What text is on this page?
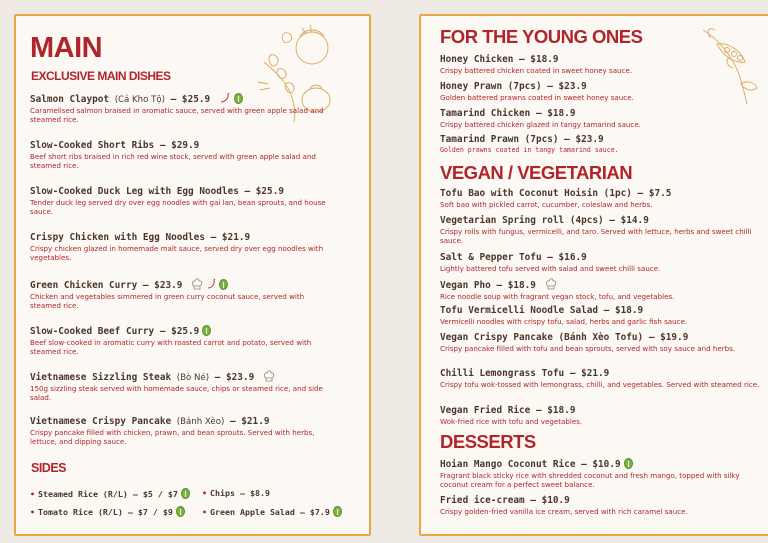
MAIN
EXCLUSIVE MAIN DISHES
Salmon Claypot (Cá Kho Tộ) – $25.9
Caramelised salmon braised in aromatic sauce, served with green apple salad and steamed rice.
Slow-Cooked Short Ribs – $29.9
Beef short ribs braised in rich red wine stock, served with green apple salad and steamed rice.
Slow-Cooked Duck Leg with Egg Noodles – $25.9
Tender duck leg served dry over egg noodles with gai lan, bean sprouts, and house sauce.
Crispy Chicken with Egg Noodles – $21.9
Crispy chicken glazed in homemade malt sauce, served dry over egg noodles with vegetables.
Green Chicken Curry – $23.9
Chicken and vegetables simmered in green curry coconut sauce, served with steamed rice.
Slow-Cooked Beef Curry – $25.9
Beef slow-cooked in aromatic curry with roasted carrot and potato, served with steamed rice.
Vietnamese Sizzling Steak (Bò Né) – $23.9
150g sizzling steak served with homemade sauce, chips or steamed rice, and side salad.
Vietnamese Crispy Pancake (Bánh Xèo) – $21.9
Crispy pancake filled with chicken, prawn, and bean sprouts. Served with herbs, lettuce, and dipping sauce.
SIDES
• Steamed Rice (R/L) – $5 / $7	• Chips – $8.9
• Tomato Rice (R/L) – $7 / $9	• Green Apple Salad – $7.9
FOR THE YOUNG ONES
Honey Chicken – $18.9
Crispy battered chicken coated in sweet honey sauce.
Honey Prawn (7pcs) – $23.9
Golden battered prawns coated in sweet honey sauce.
Tamarind Chicken – $18.9
Crispy battered chicken glazed in tangy tamarind sauce.
Tamarind Prawn (7pcs) – $23.9
Golden prawns coated in tangy tamarind sauce.
VEGAN / VEGETARIAN
Tofu Bao with Coconut Hoisin (1pc) – $7.5
Soft bao with pickled carrot, cucumber, coleslaw and herbs.
Vegetarian Spring roll (4pcs) – $14.9
Crispy rolls with fungus, vermicelli, and taro. Served with lettuce, herbs and sweet chilli sauce.
Salt & Pepper Tofu – $16.9
Lightly battered tofu served with salad and sweet chilli sauce.
Vegan Pho – $18.9
Rice noodle soup with fragrant vegan stock, tofu, and vegetables.
Tofu Vermicelli Noodle Salad – $18.9
Vermicelli noodles with crispy tofu, salad, herbs and garlic fish sauce.
Vegan Crispy Pancake (Bánh Xèo Tofu) – $19.9
Crispy pancake filled with tofu and bean sprouts, served with soy sauce and herbs.
Chilli Lemongrass Tofu – $21.9
Crispy tofu wok-tossed with lemongrass, chilli, and vegetables. Served with steamed rice.
Vegan Fried Rice – $18.9
Wok-fried rice with tofu and vegetables.
DESSERTS
Hoian Mango Coconut Rice – $10.9
Fragrant black sticky rice with shredded coconut and fresh mango, topped with silky coconut cream for a perfect sweet balance.
Fried ice-cream – $10.9
Crispy golden-fried vanilla ice cream, served with rich caramel sauce.
